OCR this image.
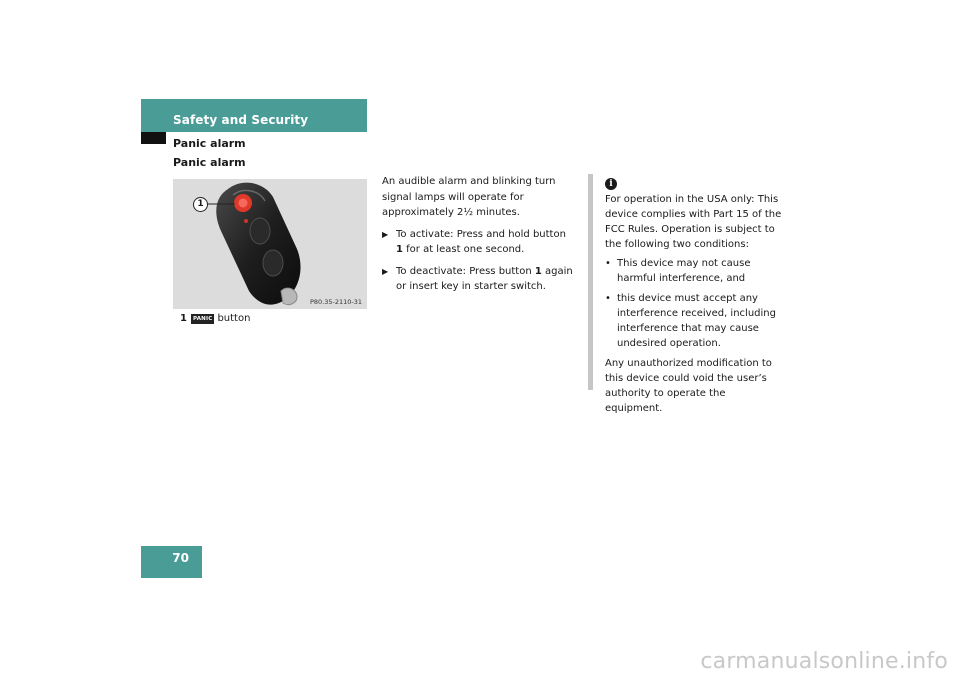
Safety and Security
Panic alarm
Panic alarm
1
P80.35-2110-31
1 PANIC button

An audible alarm and blinking turn signal lamps will operate for approximately 2½ minutes.

▶ To activate: Press and hold button 1 for at least one second.
▶ To deactivate: Press button 1 again or insert key in starter switch.
i

For operation in the USA only: This device complies with Part 15 of the FCC Rules. Operation is subject to the following two conditions:

• This device may not cause harmful interference, and
• this device must accept any interference received, including interference that may cause undesired operation.

Any unauthorized modification to this device could void the user’s authority to operate the equipment.

70
carmanualsonline.info
